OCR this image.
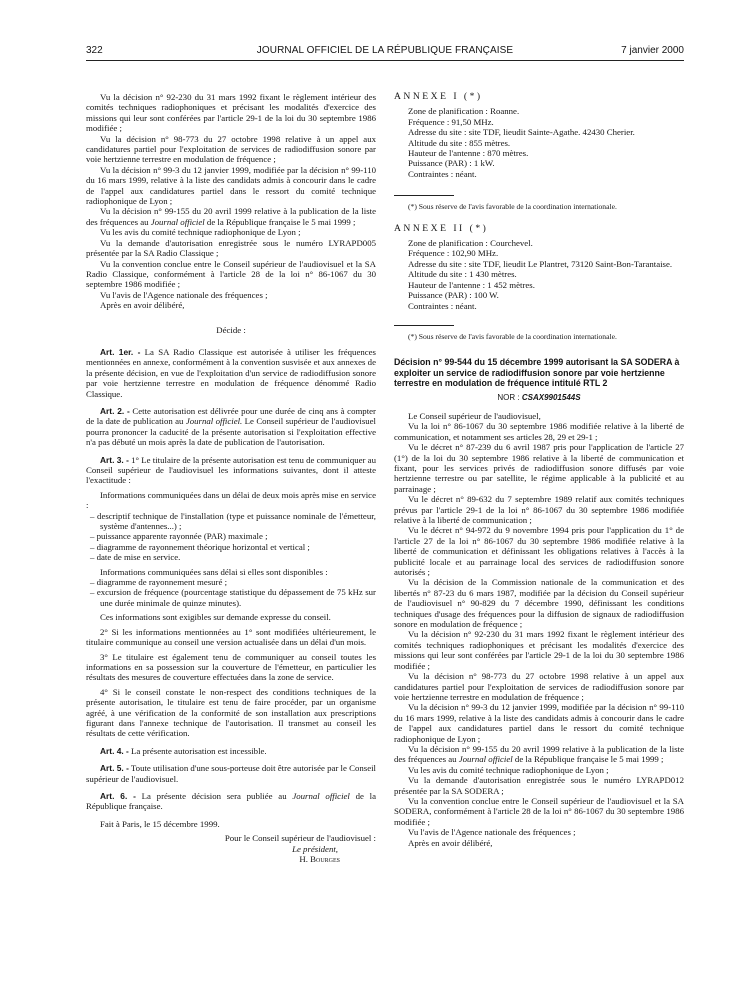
322	JOURNAL OFFICIEL DE LA RÉPUBLIQUE FRANÇAISE	7 janvier 2000

Vu la décision n° 92-230 du 31 mars 1992 fixant le règlement intérieur des comités techniques radiophoniques et précisant les modalités d'exercice des missions qui leur sont conférées par l'article 29-1 de la loi du 30 septembre 1986 modifiée ;

Vu la décision n° 98-773 du 27 octobre 1998 relative à un appel aux candidatures partiel pour l'exploitation de services de radiodiffusion sonore par voie hertzienne terrestre en modulation de fréquence ;

Vu la décision n° 99-3 du 12 janvier 1999, modifiée par la décision n° 99-110 du 16 mars 1999, relative à la liste des candidats admis à concourir dans le cadre de l'appel aux candidatures partiel dans le ressort du comité technique radiophonique de Lyon ;

Vu la décision n° 99-155 du 20 avril 1999 relative à la publication de la liste des fréquences au Journal officiel de la République française le 5 mai 1999 ;

Vu les avis du comité technique radiophonique de Lyon ;

Vu la demande d'autorisation enregistrée sous le numéro LYRAPD005 présentée par la SA Radio Classique ;

Vu la convention conclue entre le Conseil supérieur de l'audiovisuel et la SA Radio Classique, conformément à l'article 28 de la loi n° 86-1067 du 30 septembre 1986 modifiée ;

Vu l'avis de l'Agence nationale des fréquences ;

Après en avoir délibéré,

Décide :

Art. 1er. - La SA Radio Classique est autorisée à utiliser les fréquences mentionnées en annexe, conformément à la convention susvisée et aux annexes de la présente décision, en vue de l'exploitation d'un service de radiodiffusion sonore par voie hertzienne terrestre en modulation de fréquence dénommé Radio Classique.

Art. 2. - Cette autorisation est délivrée pour une durée de cinq ans à compter de la date de publication au Journal officiel. Le Conseil supérieur de l'audiovisuel pourra prononcer la caducité de la présente autorisation si l'exploitation effective n'a pas débuté un mois après la date de publication de l'autorisation.

Art. 3. - 1° Le titulaire de la présente autorisation est tenu de communiquer au Conseil supérieur de l'audiovisuel les informations suivantes, dont il atteste l'exactitude :

Informations communiquées dans un délai de deux mois après mise en service :

– descriptif technique de l'installation (type et puissance nominale de l'émetteur, système d'antennes...) ;

– puissance apparente rayonnée (PAR) maximale ;

– diagramme de rayonnement théorique horizontal et vertical ;

– date de mise en service.

Informations communiquées sans délai si elles sont disponibles :

– diagramme de rayonnement mesuré ;

– excursion de fréquence (pourcentage statistique du dépassement de 75 kHz sur une durée minimale de quinze minutes).

Ces informations sont exigibles sur demande expresse du conseil.

2° Si les informations mentionnées au 1° sont modifiées ultérieurement, le titulaire communique au conseil une version actualisée dans un délai d'un mois.

3° Le titulaire est également tenu de communiquer au conseil toutes les informations en sa possession sur la couverture de l'émetteur, en particulier les résultats des mesures de couverture effectuées dans la zone de service.

4° Si le conseil constate le non-respect des conditions techniques de la présente autorisation, le titulaire est tenu de faire procéder, par un organisme agréé, à une vérification de la conformité de son installation aux prescriptions figurant dans l'annexe technique de l'autorisation. Il transmet au conseil les résultats de cette vérification.

Art. 4. - La présente autorisation est incessible.

Art. 5. - Toute utilisation d'une sous-porteuse doit être autorisée par le Conseil supérieur de l'audiovisuel.

Art. 6. - La présente décision sera publiée au Journal officiel de la République française.

Fait à Paris, le 15 décembre 1999.

Pour le Conseil supérieur de l'audiovisuel :

Le président,

H. Bourges

ANNEXE I (*)

Zone de planification : Roanne.

Fréquence : 91,50 MHz.

Adresse du site : site TDF, lieudit Sainte-Agathe. 42430 Cherier.

Altitude du site : 855 mètres.

Hauteur de l'antenne : 870 mètres.

Puissance (PAR) : 1 kW.

Contraintes : néant.

(*) Sous réserve de l'avis favorable de la coordination internationale.

ANNEXE II (*)

Zone de planification : Courchevel.

Fréquence : 102,90 MHz.

Adresse du site : site TDF, lieudit Le Plantret, 73120 Saint-Bon-Tarantaise.

Altitude du site : 1 430 mètres.

Hauteur de l'antenne : 1 452 mètres.

Puissance (PAR) : 100 W.

Contraintes : néant.

(*) Sous réserve de l'avis favorable de la coordination internationale.

Décision n° 99-544 du 15 décembre 1999 autorisant la SA SODERA à exploiter un service de radiodiffusion sonore par voie hertzienne terrestre en modulation de fréquence intitulé RTL 2

NOR : CSAX9901544S

Le Conseil supérieur de l'audiovisuel,

Vu la loi n° 86-1067 du 30 septembre 1986 modifiée relative à la liberté de communication, et notamment ses articles 28, 29 et 29-1 ;

Vu le décret n° 87-239 du 6 avril 1987 pris pour l'application de l'article 27 (1°) de la loi du 30 septembre 1986 relative à la liberté de communication et fixant, pour les services privés de radiodiffusion sonore diffusés par voie hertzienne terrestre ou par satellite, le régime applicable à la publicité et au parrainage ;

Vu le décret n° 89-632 du 7 septembre 1989 relatif aux comités techniques prévus par l'article 29-1 de la loi n° 86-1067 du 30 septembre 1986 modifiée relative à la liberté de communication ;

Vu le décret n° 94-972 du 9 novembre 1994 pris pour l'application du 1° de l'article 27 de la loi n° 86-1067 du 30 septembre 1986 modifiée relative à la liberté de communication et définissant les obligations relatives à l'accès à la publicité locale et au parrainage local des services de radiodiffusion sonore autorisés ;

Vu la décision de la Commission nationale de la communication et des libertés n° 87-23 du 6 mars 1987, modifiée par la décision du Conseil supérieur de l'audiovisuel n° 90-829 du 7 décembre 1990, définissant les conditions techniques d'usage des fréquences pour la diffusion de signaux de radiodiffusion sonore en modulation de fréquence ;

Vu la décision n° 92-230 du 31 mars 1992 fixant le règlement intérieur des comités techniques radiophoniques et précisant les modalités d'exercice des missions qui leur sont conférées par l'article 29-1 de la loi du 30 septembre 1986 modifiée ;

Vu la décision n° 98-773 du 27 octobre 1998 relative à un appel aux candidatures partiel pour l'exploitation de services de radiodiffusion sonore par voie hertzienne terrestre en modulation de fréquence ;

Vu la décision n° 99-3 du 12 janvier 1999, modifiée par la décision n° 99-110 du 16 mars 1999, relative à la liste des candidats admis à concourir dans le cadre de l'appel aux candidatures partiel dans le ressort du comité technique radiophonique de Lyon ;

Vu la décision n° 99-155 du 20 avril 1999 relative à la publication de la liste des fréquences au Journal officiel de la République française le 5 mai 1999 ;

Vu les avis du comité technique radiophonique de Lyon ;

Vu la demande d'autorisation enregistrée sous le numéro LYRAPD012 présentée par la SA SODERA ;

Vu la convention conclue entre le Conseil supérieur de l'audiovisuel et la SA SODERA, conformément à l'article 28 de la loi n° 86-1067 du 30 septembre 1986 modifiée ;

Vu l'avis de l'Agence nationale des fréquences ;

Après en avoir délibéré,
